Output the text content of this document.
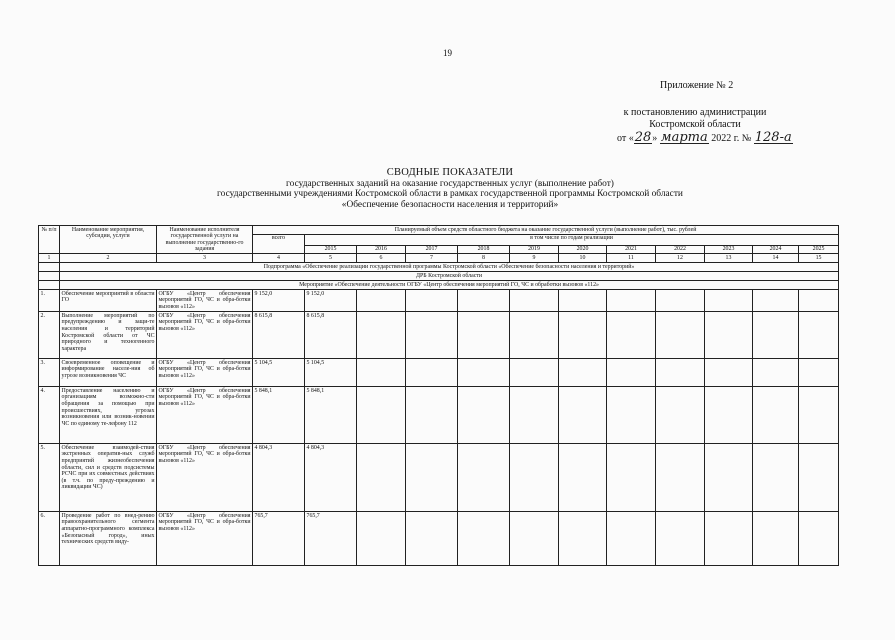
19
Приложение № 2
к постановлению администрации
Костромской области
от «28» марта 2022 г. № 128-а
СВОДНЫЕ ПОКАЗАТЕЛИ
государственных заданий на оказание государственных услуг (выполнение работ)
государственными учреждениями Костромской области в рамках государственной программы Костромской области
«Обеспечение безопасности населения и территорий»
№ п/п	Наименование мероприятия, субсидии, услуги	Наименование исполнителя государственной услуги на выполнение государственно-го задания	Планируемый объем средств областного бюджета на оказание государственной услуги (выполнение работ), тыс. рублей											
			всего	в том числе по годам реализации										
				2015	2016	2017	2018	2019	2020	2021	2022	2023	2024	2025
1	2	3	4	5	6	7	8	9	10	11	12	13	14	15
	Подпрограмма «Обеспечение реализации государственной программы Костромской области «Обеспечение безопасности населения и территорий»													
	ДРБ Костромской области													
	Мероприятие «Обеспечение деятельности ОГБУ «Центр обеспечения мероприятий ГО, ЧС и обработки вызовов «112»													
1.	Обеспечение мероприятий в области ГО	ОГБУ «Центр обеспечения мероприятий ГО, ЧС и обра-ботки вызовов «112»	9 152,0	9 152,0										
2.	Выполнение мероприятий по предупреждению и защи-те населения и территорий Костромской области от ЧС природного и техногенного характера	ОГБУ «Центр обеспечения мероприятий ГО, ЧС и обра-ботки вызовов «112»	8 615,8	8 615,8										
3.	Своевременное оповещение и информирование населе-ния об угрозе возникновения ЧС	ОГБУ «Центр обеспечения мероприятий ГО, ЧС и обра-ботки вызовов «112»	5 104,5	5 104,5										
4.	Предоставление населению и организациям возможно-сти обращения за помощью при происшествиях, угрозах возникновения или возник-новении ЧС по единому те-лефону 112	ОГБУ «Центр обеспечения мероприятий ГО, ЧС и обра-ботки вызовов «112»	5 848,1	5 848,1										
5.	Обеспечение взаимодей-ствия экстренных оператив-ных служб предприятий жизнеобеспечения области, сил и средств подсистемы РСЧС при их совместных действиях (в т.ч. по преду-преждению и ликвидации ЧС)	ОГБУ «Центр обеспечения мероприятий ГО, ЧС и обра-ботки вызовов «112»	4 804,3	4 804,3										
6.	Проведение работ по внед-рению правоохранительного сегмента аппаратно-программного комплекса «Безопасный город», иных технических средств виду-	ОГБУ «Центр обеспечения мероприятий ГО, ЧС и обра-ботки вызовов «112»	765,7	765,7										
